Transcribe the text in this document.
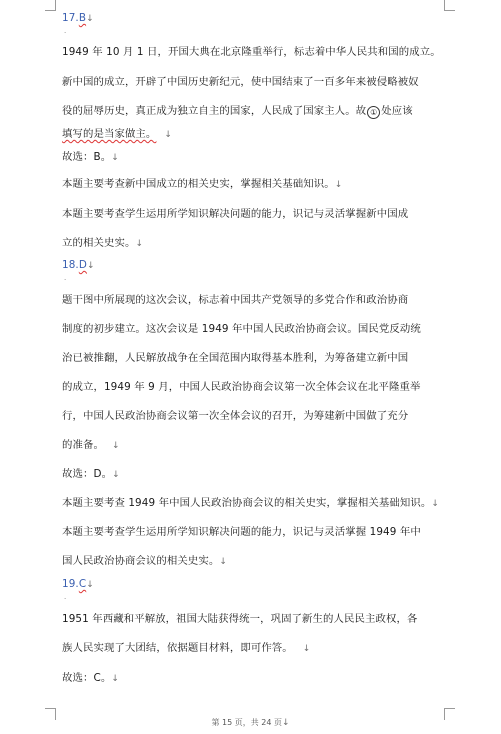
17.B↓
·
1949 年 10 月 1 日，开国大典在北京隆重举行，标志着中华人民共和国的成立。
新中国的成立，开辟了中国历史新纪元，使中国结束了一百多年来被侵略被奴
役的屈辱历史，真正成为独立自主的国家，人民成了国家主人。故 ① 处应该
填写的是当家做主。 ↓
故选：B。↓
本题主要考查新中国成立的相关史实，掌握相关基础知识。↓
本题主要考查学生运用所学知识解决问题的能力，识记与灵活掌握新中国成
立的相关史实。↓
18.D↓
·
题干图中所展现的这次会议，标志着中国共产党领导的多党合作和政治协商
制度的初步建立。这次会议是 1949 年中国人民政治协商会议。国民党反动统
治已被推翻，人民解放战争在全国范围内取得基本胜利，为筹备建立新中国
的成立，1949 年 9 月，中国人民政治协商会议第一次全体会议在北平隆重举
行，中国人民政治协商会议第一次全体会议的召开，为筹建新中国做了充分
的准备。 ↓
故选：D。↓
本题主要考查 1949 年中国人民政治协商会议的相关史实，掌握相关基础知识。↓
本题主要考查学生运用所学知识解决问题的能力，识记与灵活掌握 1949 年中
国人民政治协商会议的相关史实。↓
19.C↓
·
1951 年西藏和平解放，祖国大陆获得统一，巩固了新生的人民民主政权，各
族人民实现了大团结，依据题目材料，即可作答。 ↓
故选：C。↓
第 15 页，共 24 页↓
